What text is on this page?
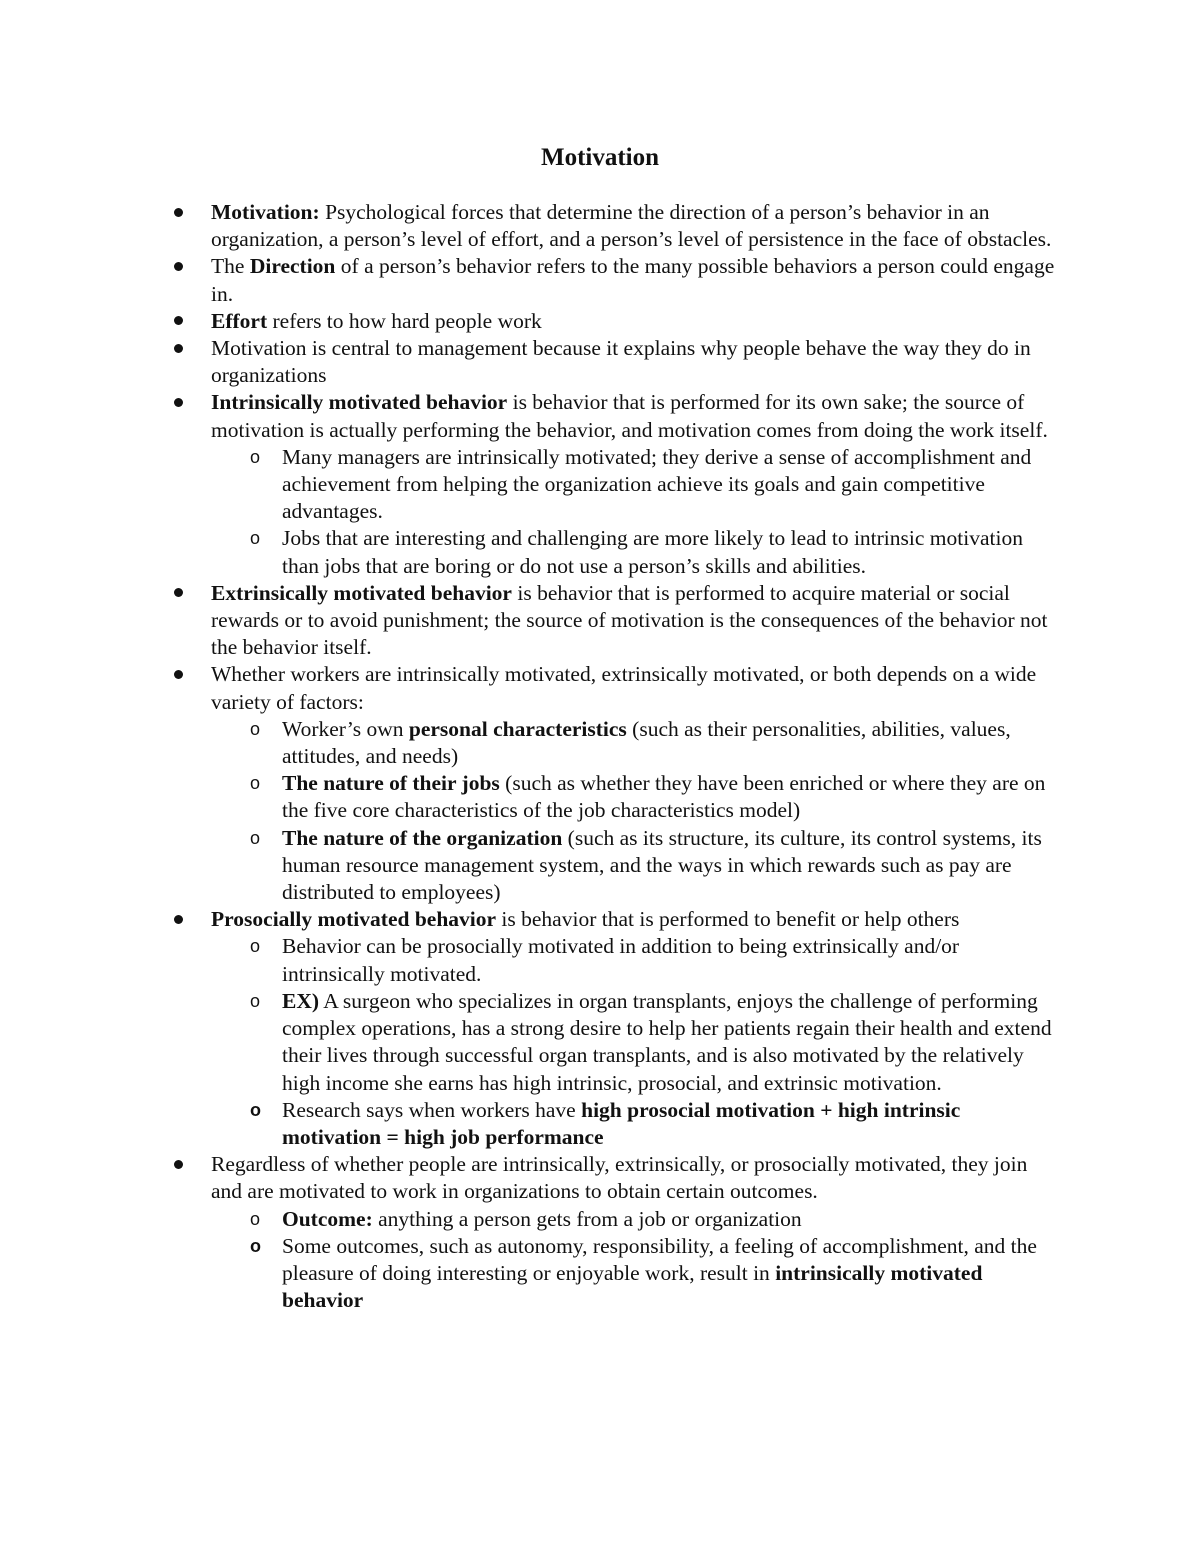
Motivation
Motivation: Psychological forces that determine the direction of a person’s behavior in an organization, a person’s level of effort, and a person’s level of persistence in the face of obstacles.
The Direction of a person’s behavior refers to the many possible behaviors a person could engage in.
Effort refers to how hard people work
Motivation is central to management because it explains why people behave the way they do in organizations
Intrinsically motivated behavior is behavior that is performed for its own sake; the source of motivation is actually performing the behavior, and motivation comes from doing the work itself.
o Many managers are intrinsically motivated; they derive a sense of accomplishment and achievement from helping the organization achieve its goals and gain competitive advantages.
o Jobs that are interesting and challenging are more likely to lead to intrinsic motivation than jobs that are boring or do not use a person’s skills and abilities.
Extrinsically motivated behavior is behavior that is performed to acquire material or social rewards or to avoid punishment; the source of motivation is the consequences of the behavior not the behavior itself.
Whether workers are intrinsically motivated, extrinsically motivated, or both depends on a wide variety of factors:
o Worker’s own personal characteristics (such as their personalities, abilities, values, attitudes, and needs)
o The nature of their jobs (such as whether they have been enriched or where they are on the five core characteristics of the job characteristics model)
o The nature of the organization (such as its structure, its culture, its control systems, its human resource management system, and the ways in which rewards such as pay are distributed to employees)
Prosocially motivated behavior is behavior that is performed to benefit or help others
o Behavior can be prosocially motivated in addition to being extrinsically and/or intrinsically motivated.
o EX) A surgeon who specializes in organ transplants, enjoys the challenge of performing complex operations, has a strong desire to help her patients regain their health and extend their lives through successful organ transplants, and is also motivated by the relatively high income she earns has high intrinsic, prosocial, and extrinsic motivation.
o Research says when workers have high prosocial motivation + high intrinsic motivation = high job performance
Regardless of whether people are intrinsically, extrinsically, or prosocially motivated, they join and are motivated to work in organizations to obtain certain outcomes.
o Outcome: anything a person gets from a job or organization
o Some outcomes, such as autonomy, responsibility, a feeling of accomplishment, and the pleasure of doing interesting or enjoyable work, result in intrinsically motivated behavior
